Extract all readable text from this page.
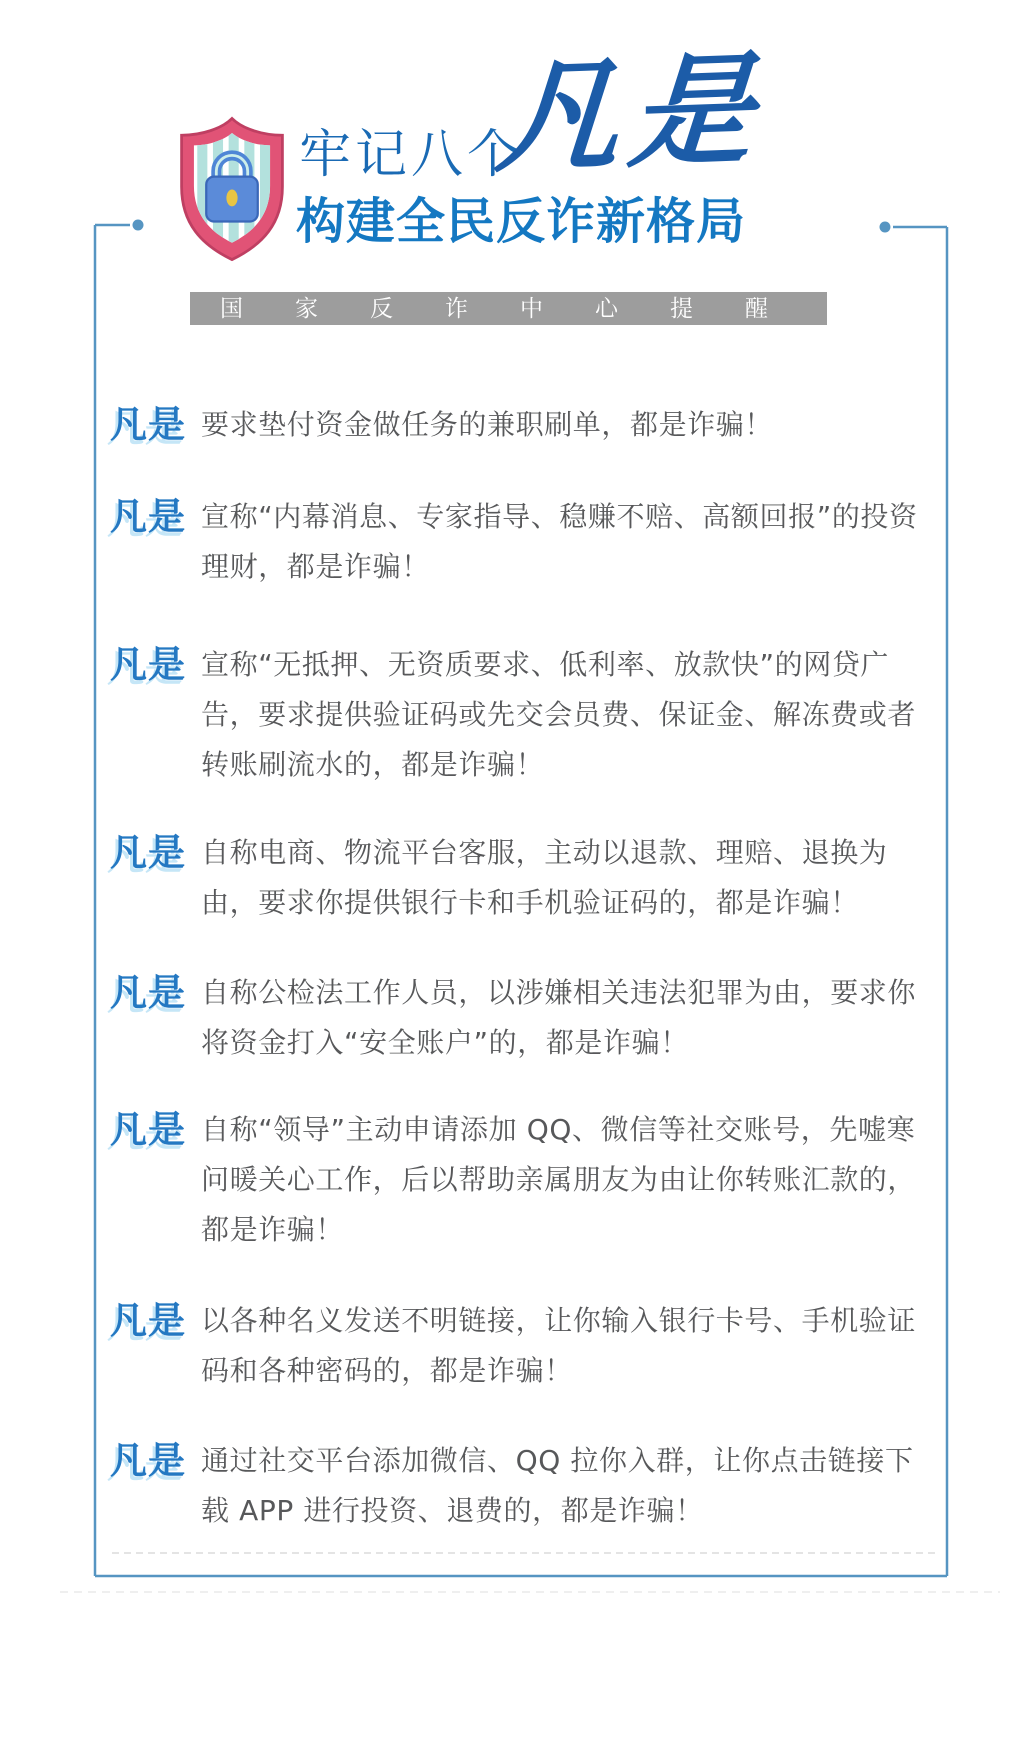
牢记八个
凡是
构建全民反诈新格局
国家反诈中心提醒
凡是 要求垫付资金做任务的兼职刷单，都是诈骗！
凡是 宣称“内幕消息、专家指导、稳赚不赔、高额回报”的投资理财，都是诈骗！
凡是 宣称“无抵押、无资质要求、低利率、放款快”的网贷广告，要求提供验证码或先交会员费、保证金、解冻费或者转账刷流水的，都是诈骗！
凡是 自称电商、物流平台客服，主动以退款、理赔、退换为由，要求你提供银行卡和手机验证码的，都是诈骗！
凡是 自称公检法工作人员，以涉嫌相关违法犯罪为由，要求你将资金打入“安全账户”的，都是诈骗！
凡是 自称“领导”主动申请添加 QQ、微信等社交账号，先嘘寒问暖关心工作，后以帮助亲属朋友为由让你转账汇款的，都是诈骗！
凡是 以各种名义发送不明链接，让你输入银行卡号、手机验证码和各种密码的，都是诈骗！
凡是 通过社交平台添加微信、QQ 拉你入群，让你点击链接下载 APP 进行投资、退费的，都是诈骗！
